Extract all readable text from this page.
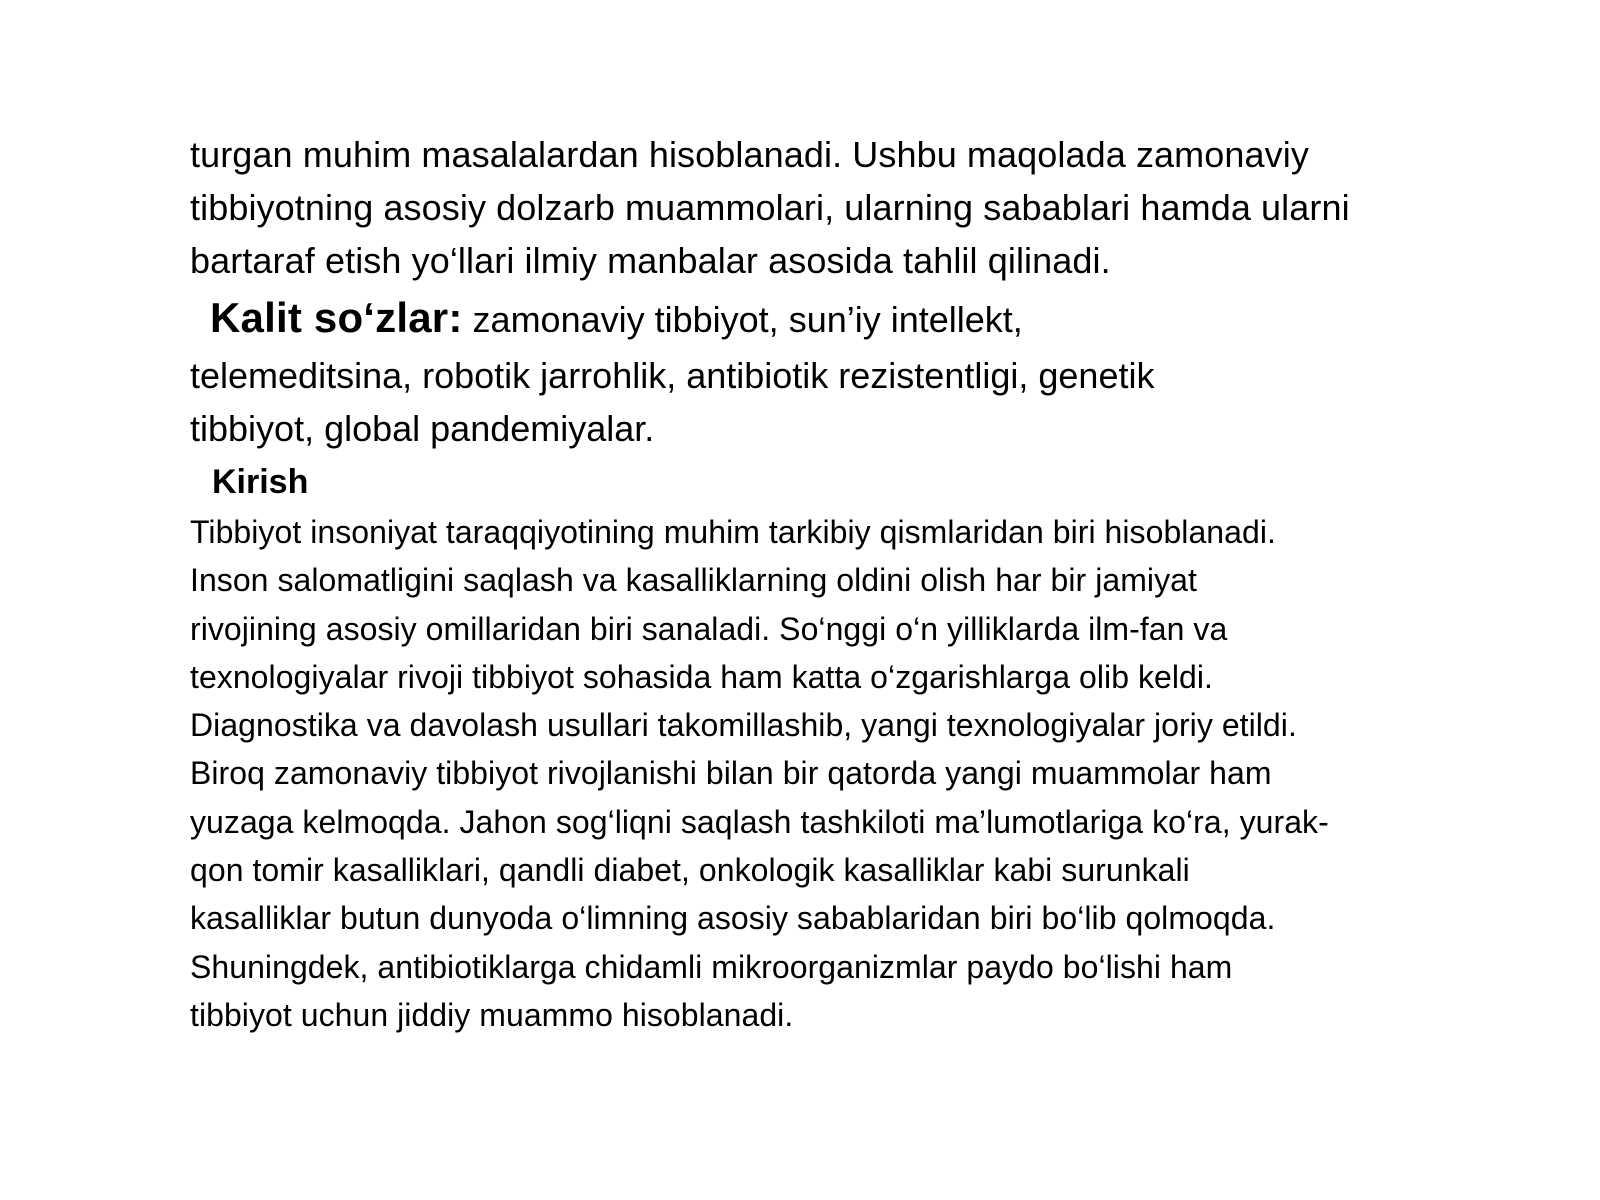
turgan muhim masalalardan hisoblanadi. Ushbu maqolada zamonaviy
tibbiyotning asosiy dolzarb muammolari, ularning sabablari hamda ularni
bartaraf etish yo‘llari ilmiy manbalar asosida tahlil qilinadi.
Kalit so‘zlar: zamonaviy tibbiyot, sun’iy intellekt,
telemeditsina, robotik jarrohlik, antibiotik rezistentligi, genetik
tibbiyot, global pandemiyalar.
Kirish
Tibbiyot insoniyat taraqqiyotining muhim tarkibiy qismlaridan biri hisoblanadi.
Inson salomatligini saqlash va kasalliklarning oldini olish har bir jamiyat
rivojining asosiy omillaridan biri sanaladi. So‘nggi o‘n yilliklarda ilm-fan va
texnologiyalar rivoji tibbiyot sohasida ham katta o‘zgarishlarga olib keldi.
Diagnostika va davolash usullari takomillashib, yangi texnologiyalar joriy etildi.
Biroq zamonaviy tibbiyot rivojlanishi bilan bir qatorda yangi muammolar ham
yuzaga kelmoqda. Jahon sog‘liqni saqlash tashkiloti ma’lumotlariga ko‘ra, yurak-
qon tomir kasalliklari, qandli diabet, onkologik kasalliklar kabi surunkali
kasalliklar butun dunyoda o‘limning asosiy sabablaridan biri bo‘lib qolmoqda.
Shuningdek, antibiotiklarga chidamli mikroorganizmlar paydo bo‘lishi ham
tibbiyot uchun jiddiy muammo hisoblanadi.
